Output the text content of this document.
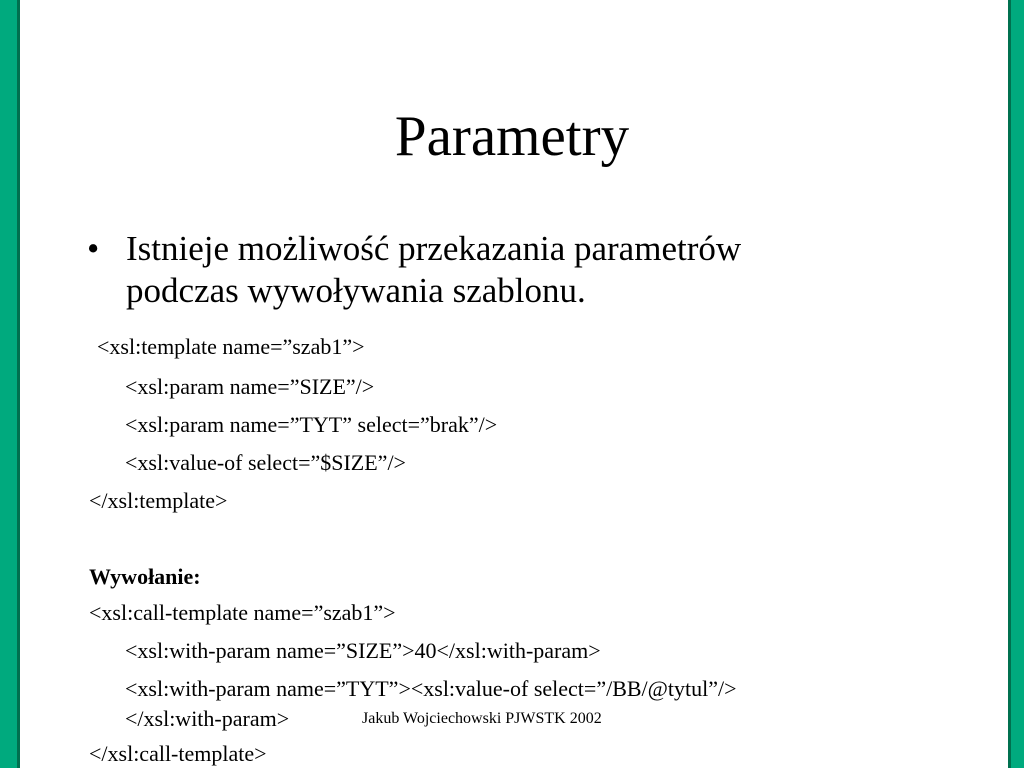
Parametry
• Istnieje możliwość przekazania parametrów
podczas wywoływania szablonu.
<xsl:template name=”szab1”>
<xsl:param name=”SIZE”/>
<xsl:param name=”TYT” select=”brak”/>
<xsl:value-of select=”$SIZE”/>
</xsl:template>
Wywołanie:
<xsl:call-template name=”szab1”>
<xsl:with-param name=”SIZE”>40</xsl:with-param>
<xsl:with-param name=”TYT”><xsl:value-of select=”/BB/@tytul”/>
</xsl:with-param>
</xsl:call-template>
Jakub Wojciechowski PJWSTK 2002
